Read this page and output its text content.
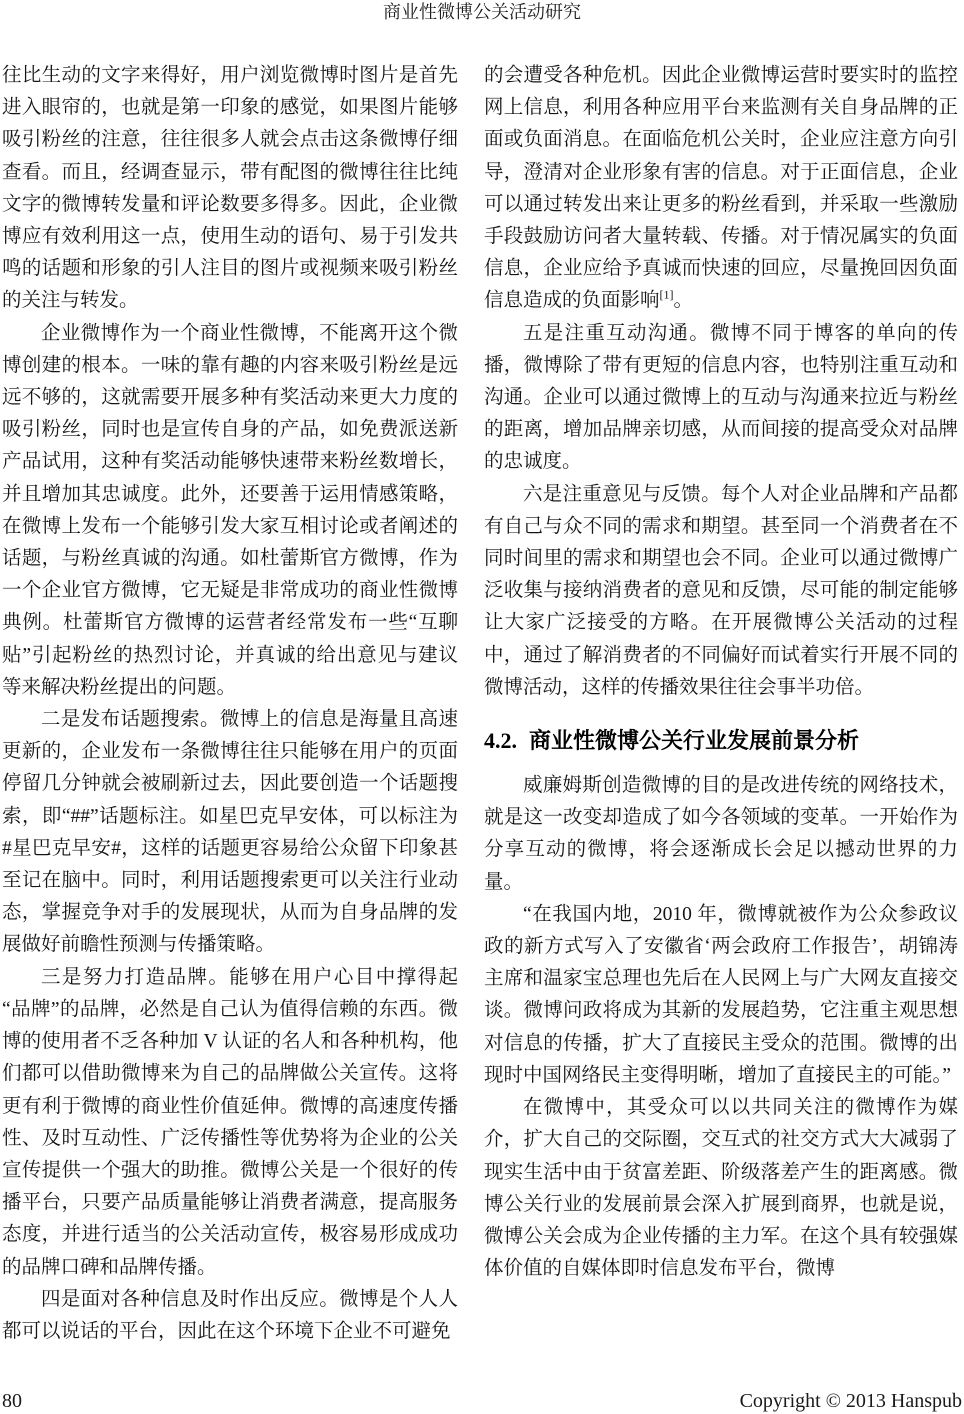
商业性微博公关活动研究

往比生动的文字来得好，用户浏览微博时图片是首先进入眼帘的，也就是第一印象的感觉，如果图片能够吸引粉丝的注意，往往很多人就会点击这条微博仔细查看。而且，经调查显示，带有配图的微博往往比纯文字的微博转发量和评论数要多得多。因此，企业微博应有效利用这一点，使用生动的语句、易于引发共鸣的话题和形象的引人注目的图片或视频来吸引粉丝的关注与转发。

企业微博作为一个商业性微博，不能离开这个微博创建的根本。一味的靠有趣的内容来吸引粉丝是远远不够的，这就需要开展多种有奖活动来更大力度的吸引粉丝，同时也是宣传自身的产品，如免费派送新产品试用，这种有奖活动能够快速带来粉丝数增长，并且增加其忠诚度。此外，还要善于运用情感策略，在微博上发布一个能够引发大家互相讨论或者阐述的话题，与粉丝真诚的沟通。如杜蕾斯官方微博，作为一个企业官方微博，它无疑是非常成功的商业性微博典例。杜蕾斯官方微博的运营者经常发布一些“互聊贴”引起粉丝的热烈讨论，并真诚的给出意见与建议等来解决粉丝提出的问题。

二是发布话题搜索。微博上的信息是海量且高速更新的，企业发布一条微博往往只能够在用户的页面停留几分钟就会被刷新过去，因此要创造一个话题搜索，即“##”话题标注。如星巴克早安体，可以标注为#星巴克早安#，这样的话题更容易给公众留下印象甚至记在脑中。同时，利用话题搜索更可以关注行业动态，掌握竞争对手的发展现状，从而为自身品牌的发展做好前瞻性预测与传播策略。

三是努力打造品牌。能够在用户心目中撑得起“品牌”的品牌，必然是自己认为值得信赖的东西。微博的使用者不乏各种加 V 认证的名人和各种机构，他们都可以借助微博来为自己的品牌做公关宣传。这将更有利于微博的商业性价值延伸。微博的高速度传播性、及时互动性、广泛传播性等优势将为企业的公关宣传提供一个强大的助推。微博公关是一个很好的传播平台，只要产品质量能够让消费者满意，提高服务态度，并进行适当的公关活动宣传，极容易形成成功的品牌口碑和品牌传播。

四是面对各种信息及时作出反应。微博是个人人都可以说话的平台，因此在这个环境下企业不可避免

的会遭受各种危机。因此企业微博运营时要实时的监控网上信息，利用各种应用平台来监测有关自身品牌的正面或负面消息。在面临危机公关时，企业应注意方向引导，澄清对企业形象有害的信息。对于正面信息，企业可以通过转发出来让更多的粉丝看到，并采取一些激励手段鼓励访问者大量转载、传播。对于情况属实的负面信息，企业应给予真诚而快速的回应，尽量挽回因负面信息造成的负面影响[1]。

五是注重互动沟通。微博不同于博客的单向的传播，微博除了带有更短的信息内容，也特别注重互动和沟通。企业可以通过微博上的互动与沟通来拉近与粉丝的距离，增加品牌亲切感，从而间接的提高受众对品牌的忠诚度。

六是注重意见与反馈。每个人对企业品牌和产品都有自己与众不同的需求和期望。甚至同一个消费者在不同时间里的需求和期望也会不同。企业可以通过微博广泛收集与接纳消费者的意见和反馈，尽可能的制定能够让大家广泛接受的方略。在开展微博公关活动的过程中，通过了解消费者的不同偏好而试着实行开展不同的微博活动，这样的传播效果往往会事半功倍。

4.2. 商业性微博公关行业发展前景分析

威廉姆斯创造微博的目的是改进传统的网络技术，就是这一改变却造成了如今各领域的变革。一开始作为分享互动的微博，将会逐渐成长会足以撼动世界的力量。

“在我国内地，2010 年，微博就被作为公众参政议政的新方式写入了安徽省‘两会政府工作报告’，胡锦涛主席和温家宝总理也先后在人民网上与广大网友直接交谈。微博问政将成为其新的发展趋势，它注重主观思想对信息的传播，扩大了直接民主受众的范围。微博的出现时中国网络民主变得明晰，增加了直接民主的可能。”

在微博中，其受众可以以共同关注的微博作为媒介，扩大自己的交际圈，交互式的社交方式大大减弱了现实生活中由于贫富差距、阶级落差产生的距离感。微博公关行业的发展前景会深入扩展到商界，也就是说，微博公关会成为企业传播的主力军。在这个具有较强媒体价值的自媒体即时信息发布平台，微博

80	Copyright © 2013 Hanspub
